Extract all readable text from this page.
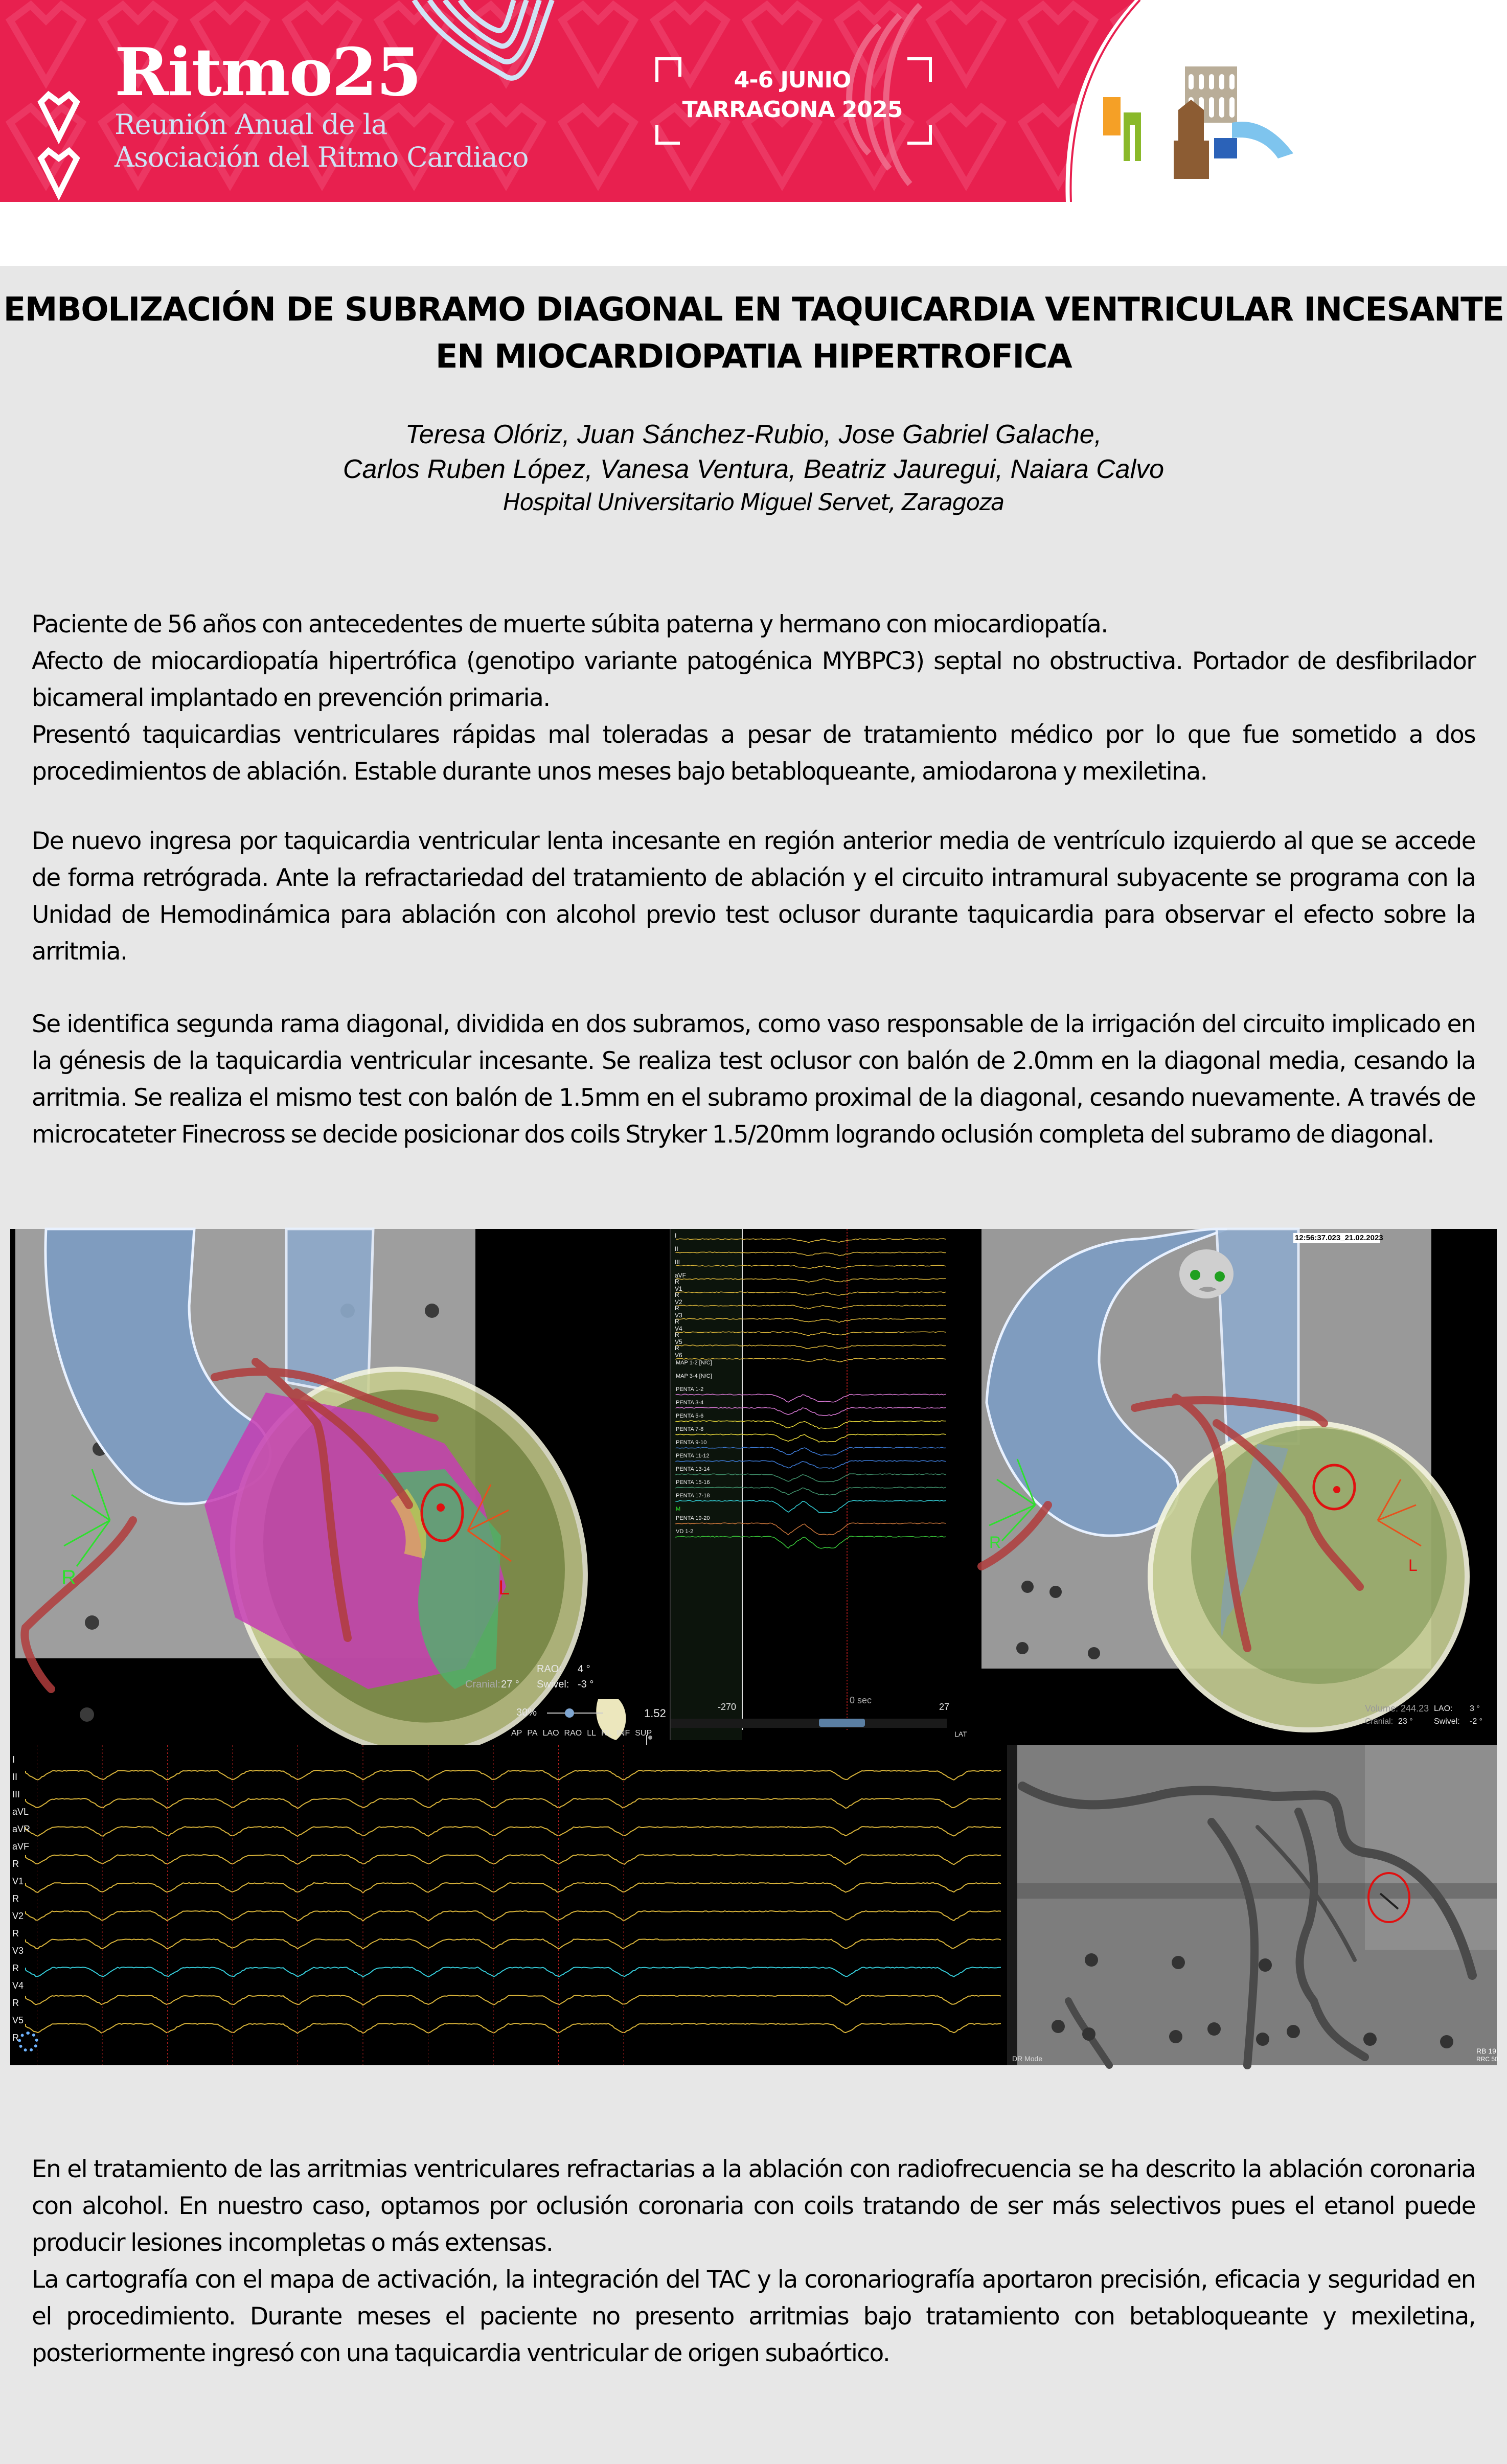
Ritmo25
Reunión Anual de la
Asociación del Ritmo Cardiaco
4-6 JUNIO
TARRAGONA 2025
EMBOLIZACIÓN DE SUBRAMO DIAGONAL EN TAQUICARDIA VENTRICULAR INCESANTE
EN MIOCARDIOPATIA HIPERTROFICA
Teresa Olóriz, Juan Sánchez-Rubio, Jose Gabriel Galache,
Carlos Ruben López, Vanesa Ventura, Beatriz Jauregui, Naiara Calvo
Hospital Universitario Miguel Servet, Zaragoza

Paciente de 56 años con antecedentes de muerte súbita paterna y hermano con miocardiopatía.

Afecto de miocardiopatía hipertrófica (genotipo variante patogénica MYBPC3) septal no obstructiva. Portador de desfibrilador bicameral implantado en prevención primaria.

Presentó taquicardias ventriculares rápidas mal toleradas a pesar de tratamiento médico por lo que fue sometido a dos procedimientos de ablación. Estable durante unos meses bajo betabloqueante, amiodarona y mexiletina.

De nuevo ingresa por taquicardia ventricular lenta incesante en región anterior media de ventrículo izquierdo al que se accede de forma retrógrada. Ante la refractariedad del tratamiento de ablación y el circuito intramural subyacente se programa con la Unidad de Hemodinámica para ablación con alcohol previo test oclusor durante taquicardia para observar el efecto sobre la arritmia.

Se identifica segunda rama diagonal, dividida en dos subramos, como vaso responsable de la irrigación del circuito implicado en la génesis de la taquicardia ventricular incesante. Se realiza test oclusor con balón de 2.0mm en la diagonal media, cesando la arritmia. Se realiza el mismo test con balón de 1.5mm en el subramo proximal de la diagonal, cesando nuevamente. A través de microcateter Finecross se decide posicionar dos coils Stryker 1.5/20mm logrando oclusión completa del subramo de diagonal.

R	L
1.52
RAO: 4 °
Cranial: 27 ° Swivel: -3 °
30%
AP PA LAO RAO LL RL INF SUP
I
II
III
aVF
R
V1
R
V2
R
V3
R
V4
R
V5
R
V6
MAP 1-2 [N/C]
MAP 3-4 [N/C]
PENTA 1-2
PENTA 3-4
PENTA 5-6
PENTA 7-8
PENTA 9-10
PENTA 11-12
PENTA 13-14
PENTA 15-16
PENTA 17-18
M
PENTA 19-20
VD 1-2
-270
0 sec
27
LAT
12:56:37.023_21.02.2023
R
L
Volume: 244.23 LAO: 3 °
Cranial: 23 °	Swivel: -2 °
I
II
III
aVL
aVR
aVF
R
V1
R
V2
R
V3
R
V4
R
V5
R
DR Mode
RB 19
RRC 50

En el tratamiento de las arritmias ventriculares refractarias a la ablación con radiofrecuencia se ha descrito la ablación coronaria con alcohol. En nuestro caso, optamos por oclusión coronaria con coils tratando de ser más selectivos pues el etanol puede producir lesiones incompletas o más extensas.

La cartografía con el mapa de activación, la integración del TAC y la coronariografía aportaron precisión, eficacia y seguridad en el procedimiento. Durante meses el paciente no presento arritmias bajo tratamiento con betabloqueante y mexiletina, posteriormente ingresó con una taquicardia ventricular de origen subaórtico.
